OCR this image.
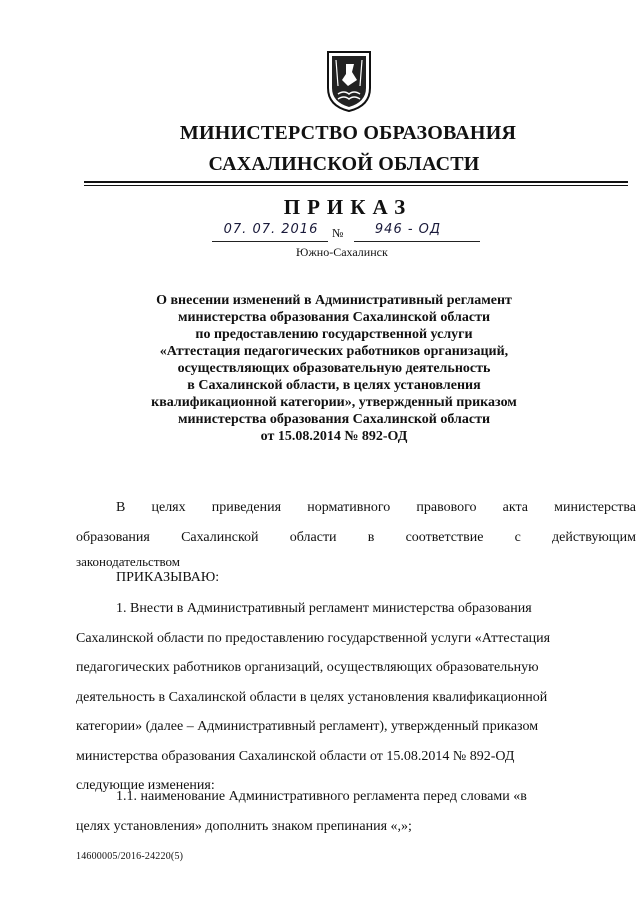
МИНИСТЕРСТВО ОБРАЗОВАНИЯ
САХАЛИНСКОЙ ОБЛАСТИ
ПРИКАЗ
07. 07. 2016	№	946 - ОД
Южно-Сахалинск
О внесении изменений в Административный регламент
министерства образования Сахалинской области
по предоставлению государственной услуги
«Аттестация педагогических работников организаций,
осуществляющих образовательную деятельность
в Сахалинской области, в целях установления
квалификационной категории», утвержденный приказом
министерства образования Сахалинской области
от 15.08.2014 № 892-ОД
В целях приведения нормативного правового акта министерства
образования Сахалинской области в соответствие с действующим
законодательством
ПРИКАЗЫВАЮ:
1. Внести в Административный регламент министерства образования
Сахалинской области по предоставлению государственной услуги «Аттестация
педагогических работников организаций, осуществляющих образовательную
деятельность в Сахалинской области в целях установления квалификационной
категории» (далее – Административный регламент), утвержденный приказом
министерства образования Сахалинской области от 15.08.2014 № 892-ОД
следующие изменения:
1.1. наименование Административного регламента перед словами «в
целях установления» дополнить знаком препинания «,»;
14600005/2016-24220(5)
